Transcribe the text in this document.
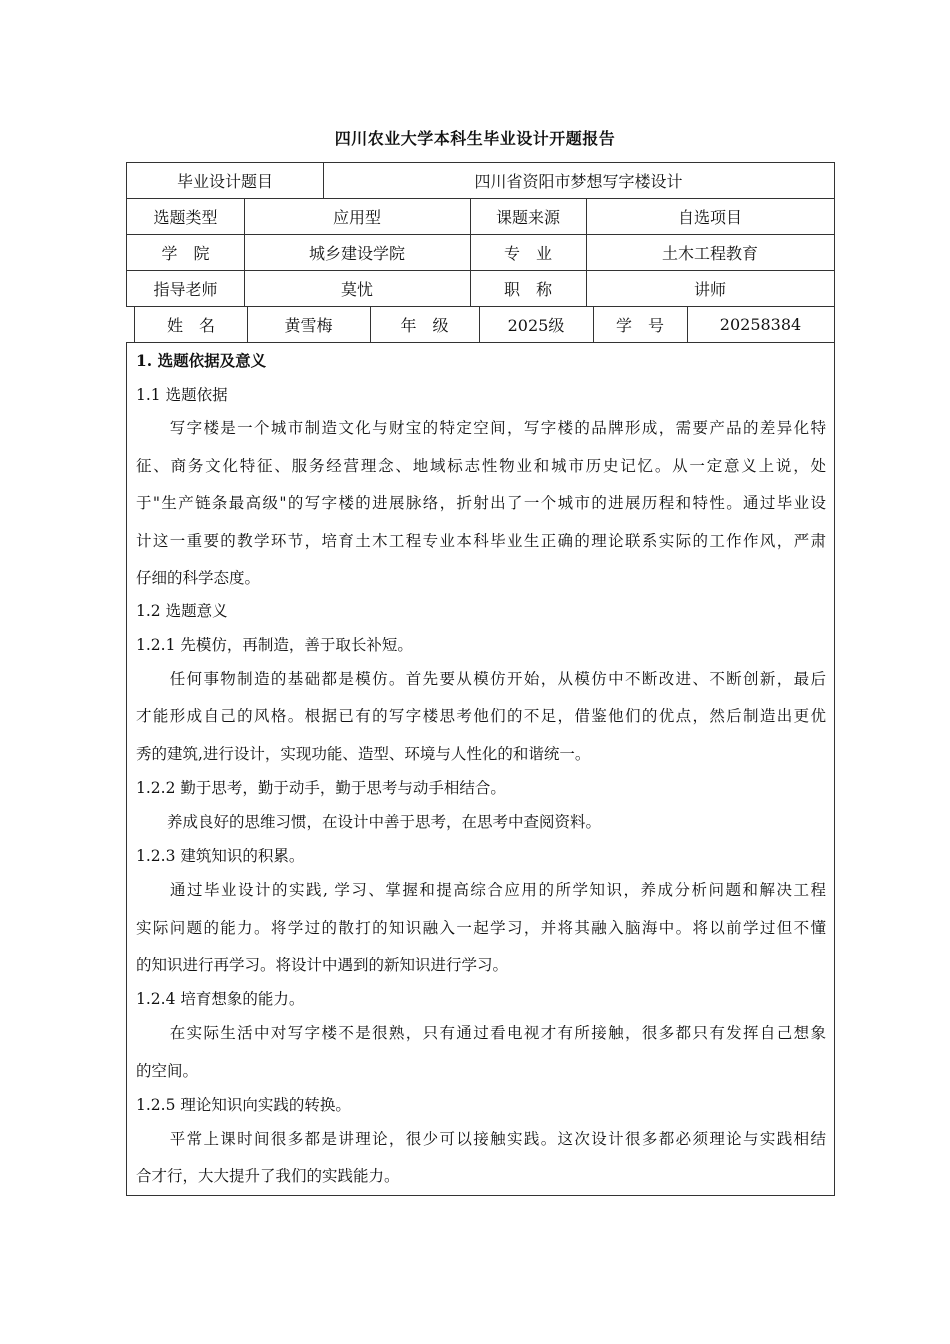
四川农业大学本科生毕业设计开题报告
毕业设计题目	四川省资阳市梦想写字楼设计
选题类型	应用型	课题来源	自选项目
学　院	城乡建设学院	专　业	土木工程教育
指导老师	莫忧	职　称	讲师
姓　名	黄雪梅	年　级	2025级	学　号	20258384
1. 选题依据及意义
1.1 选题依据
　　写字楼是一个城市制造文化与财宝的特定空间，写字楼的品牌形成，需要产品的差异化特
征、商务文化特征、服务经营理念、地域标志性物业和城市历史记忆。从一定意义上说，处
于"生产链条最高级"的写字楼的进展脉络，折射出了一个城市的进展历程和特性。通过毕业设
计这一重要的教学环节，培育土木工程专业本科毕业生正确的理论联系实际的工作作风，严肃
仔细的科学态度。
1.2 选题意义
1.2.1 先模仿，再制造，善于取长补短。
　　任何事物制造的基础都是模仿。首先要从模仿开始，从模仿中不断改进、不断创新，最后
才能形成自己的风格。根据已有的写字楼思考他们的不足，借鉴他们的优点，然后制造出更优
秀的建筑,进行设计，实现功能、造型、环境与人性化的和谐统一。
1.2.2 勤于思考，勤于动手，勤于思考与动手相结合。
　　养成良好的思维习惯，在设计中善于思考，在思考中查阅资料。
1.2.3 建筑知识的积累。
　　通过毕业设计的实践, 学习、掌握和提高综合应用的所学知识，养成分析问题和解决工程
实际问题的能力。将学过的散打的知识融入一起学习，并将其融入脑海中。将以前学过但不懂
的知识进行再学习。将设计中遇到的新知识进行学习。
1.2.4 培育想象的能力。
　　在实际生活中对写字楼不是很熟，只有通过看电视才有所接触，很多都只有发挥自己想象
的空间。
1.2.5 理论知识向实践的转换。
　　平常上课时间很多都是讲理论，很少可以接触实践。这次设计很多都必须理论与实践相结
合才行，大大提升了我们的实践能力。
